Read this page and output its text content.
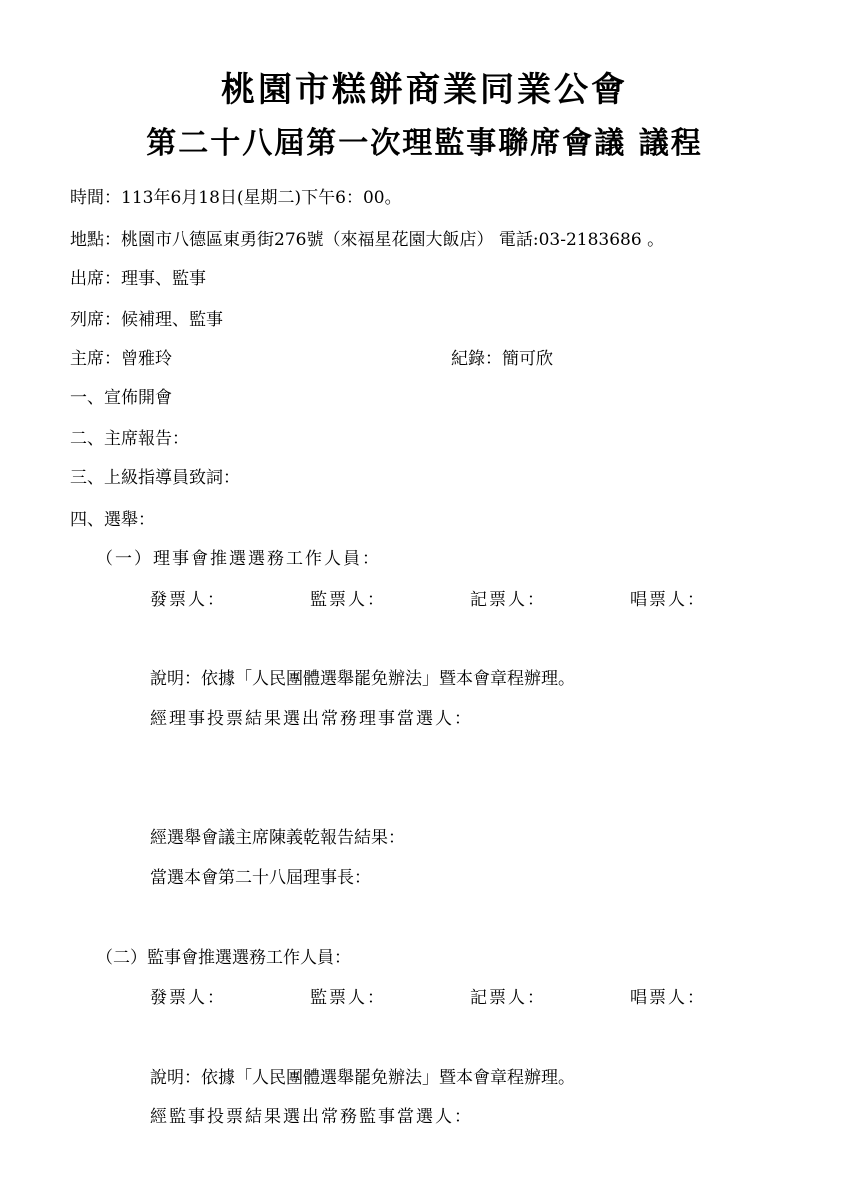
桃園市糕餅商業同業公會
第二十八屆第一次理監事聯席會議 議程
時間：113年6月18日(星期二)下午6：00。
地點：桃園市八德區東勇街276號（來福星花園大飯店） 電話:03-2183686 。
出席：理事、監事
列席：候補理、監事
主席：曾雅玲	紀錄：簡可欣
一、宣佈開會
二、主席報告：
三、上級指導員致詞：
四、選舉：
（一）理事會推選選務工作人員：
發票人：	監票人：	記票人：	唱票人：
說明：依據「人民團體選舉罷免辦法」暨本會章程辦理。
經理事投票結果選出常務理事當選人：
經選舉會議主席陳義乾報告結果：
當選本會第二十八屆理事長：
（二）監事會推選選務工作人員：
發票人：	監票人：	記票人：	唱票人：
說明：依據「人民團體選舉罷免辦法」暨本會章程辦理。
經監事投票結果選出常務監事當選人：
